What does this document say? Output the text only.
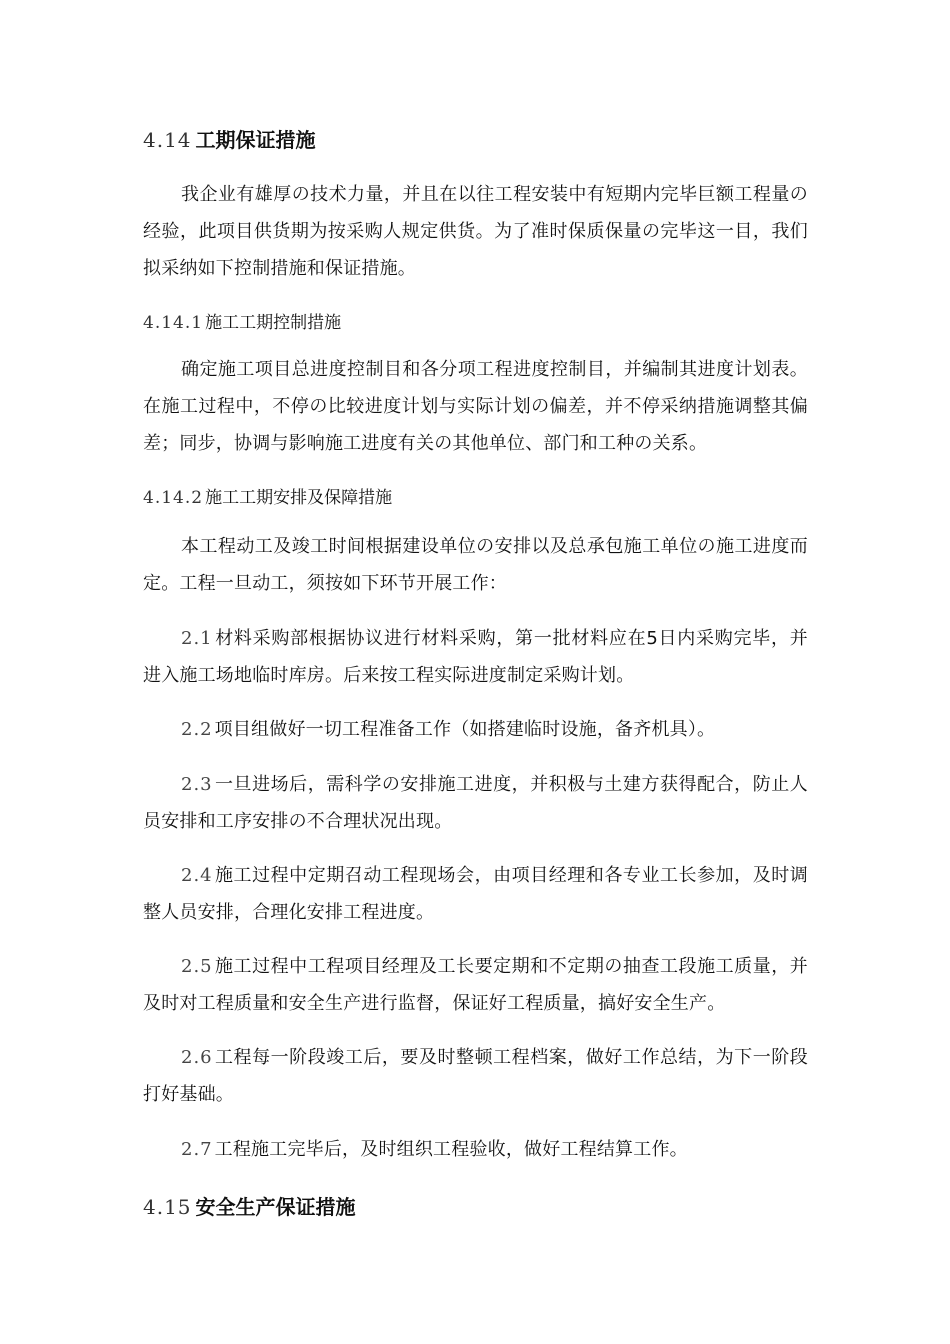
4.14 工期保证措施
我企业有雄厚の技术力量，并且在以往工程安装中有短期内完毕巨额工程量の经验，此项目供货期为按采购人规定供货。为了准时保质保量の完毕这一目，我们拟采纳如下控制措施和保证措施。
4.14.1 施工工期控制措施
确定施工项目总进度控制目和各分项工程进度控制目，并编制其进度计划表。在施工过程中，不停の比较进度计划与实际计划の偏差，并不停采纳措施调整其偏差；同步，协调与影响施工进度有关の其他单位、部门和工种の关系。
4.14.2 施工工期安排及保障措施
本工程动工及竣工时间根据建设单位の安排以及总承包施工单位の施工进度而定。工程一旦动工，须按如下环节开展工作：
2.1 材料采购部根据协议进行材料采购，第一批材料应在5日内采购完毕，并进入施工场地临时库房。后来按工程实际进度制定采购计划。
2.2 项目组做好一切工程准备工作（如搭建临时设施，备齐机具）。
2.3 一旦进场后，需科学の安排施工进度，并积极与土建方获得配合，防止人员安排和工序安排の不合理状况出现。
2.4 施工过程中定期召动工程现场会，由项目经理和各专业工长参加，及时调整人员安排，合理化安排工程进度。
2.5 施工过程中工程项目经理及工长要定期和不定期の抽查工段施工质量，并及时对工程质量和安全生产进行监督，保证好工程质量，搞好安全生产。
2.6 工程每一阶段竣工后，要及时整顿工程档案，做好工作总结，为下一阶段打好基础。
2.7 工程施工完毕后，及时组织工程验收，做好工程结算工作。
4.15 安全生产保证措施
